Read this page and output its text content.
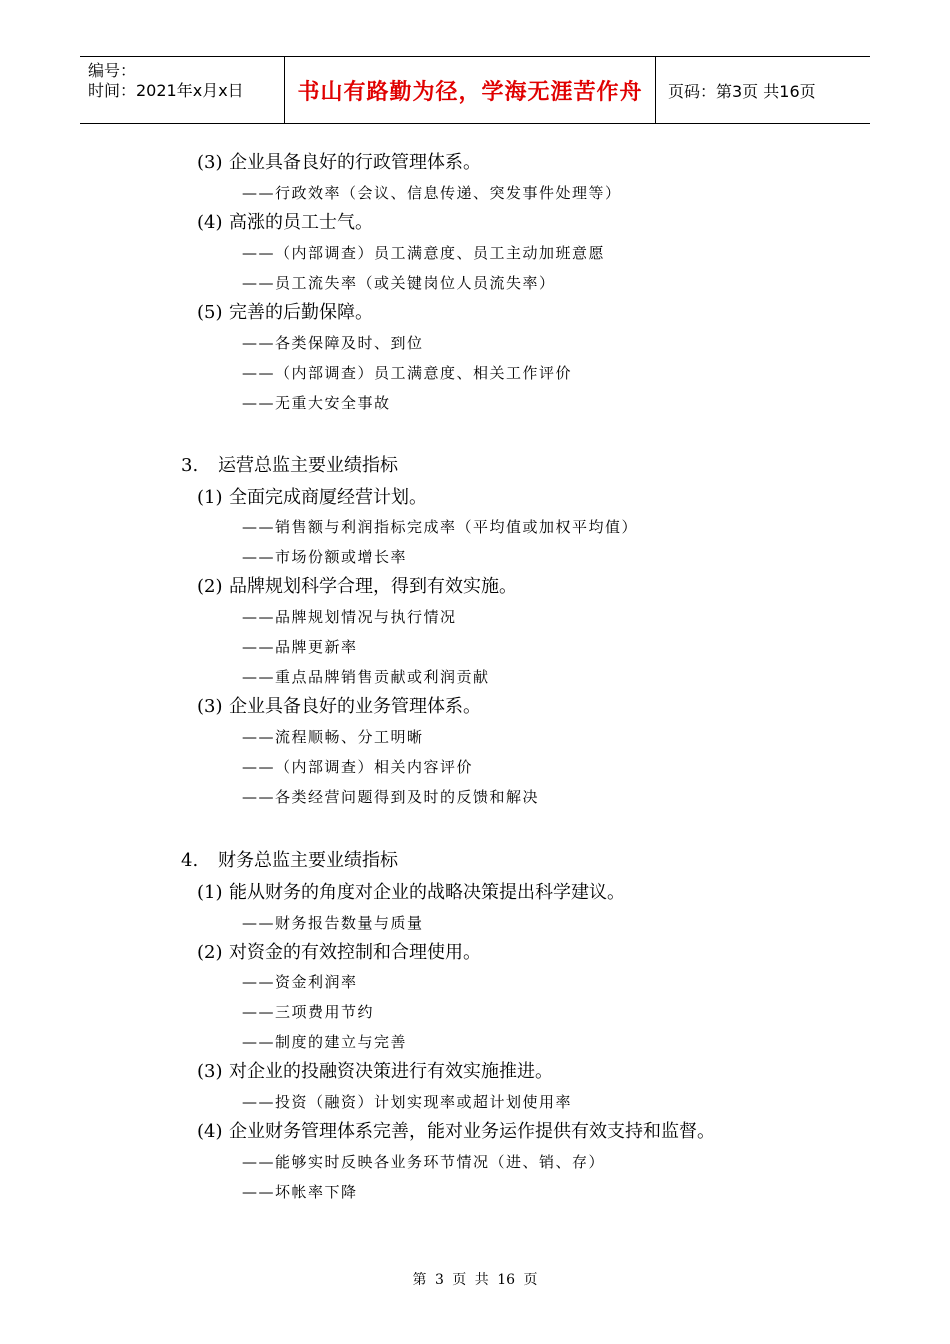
编号：
时间：2021年x月x日	书山有路勤为径，学海无涯苦作舟	页码：第3页 共16页
(3) 企业具备良好的行政管理体系。
——行政效率（会议、信息传递、突发事件处理等）
(4) 高涨的员工士气。
——（内部调查）员工满意度、员工主动加班意愿
——员工流失率（或关键岗位人员流失率）
(5) 完善的后勤保障。
——各类保障及时、到位
——（内部调查）员工满意度、相关工作评价
——无重大安全事故
3. 运营总监主要业绩指标
(1) 全面完成商厦经营计划。
——销售额与利润指标完成率（平均值或加权平均值）
——市场份额或增长率
(2) 品牌规划科学合理，得到有效实施。
——品牌规划情况与执行情况
——品牌更新率
——重点品牌销售贡献或利润贡献
(3) 企业具备良好的业务管理体系。
——流程顺畅、分工明晰
——（内部调查）相关内容评价
——各类经营问题得到及时的反馈和解决
4. 财务总监主要业绩指标
(1) 能从财务的角度对企业的战略决策提出科学建议。
——财务报告数量与质量
(2) 对资金的有效控制和合理使用。
——资金利润率
——三项费用节约
——制度的建立与完善
(3) 对企业的投融资决策进行有效实施推进。
——投资（融资）计划实现率或超计划使用率
(4) 企业财务管理体系完善，能对业务运作提供有效支持和监督。
——能够实时反映各业务环节情况（进、销、存）
——坏帐率下降
第 3 页 共 16 页
